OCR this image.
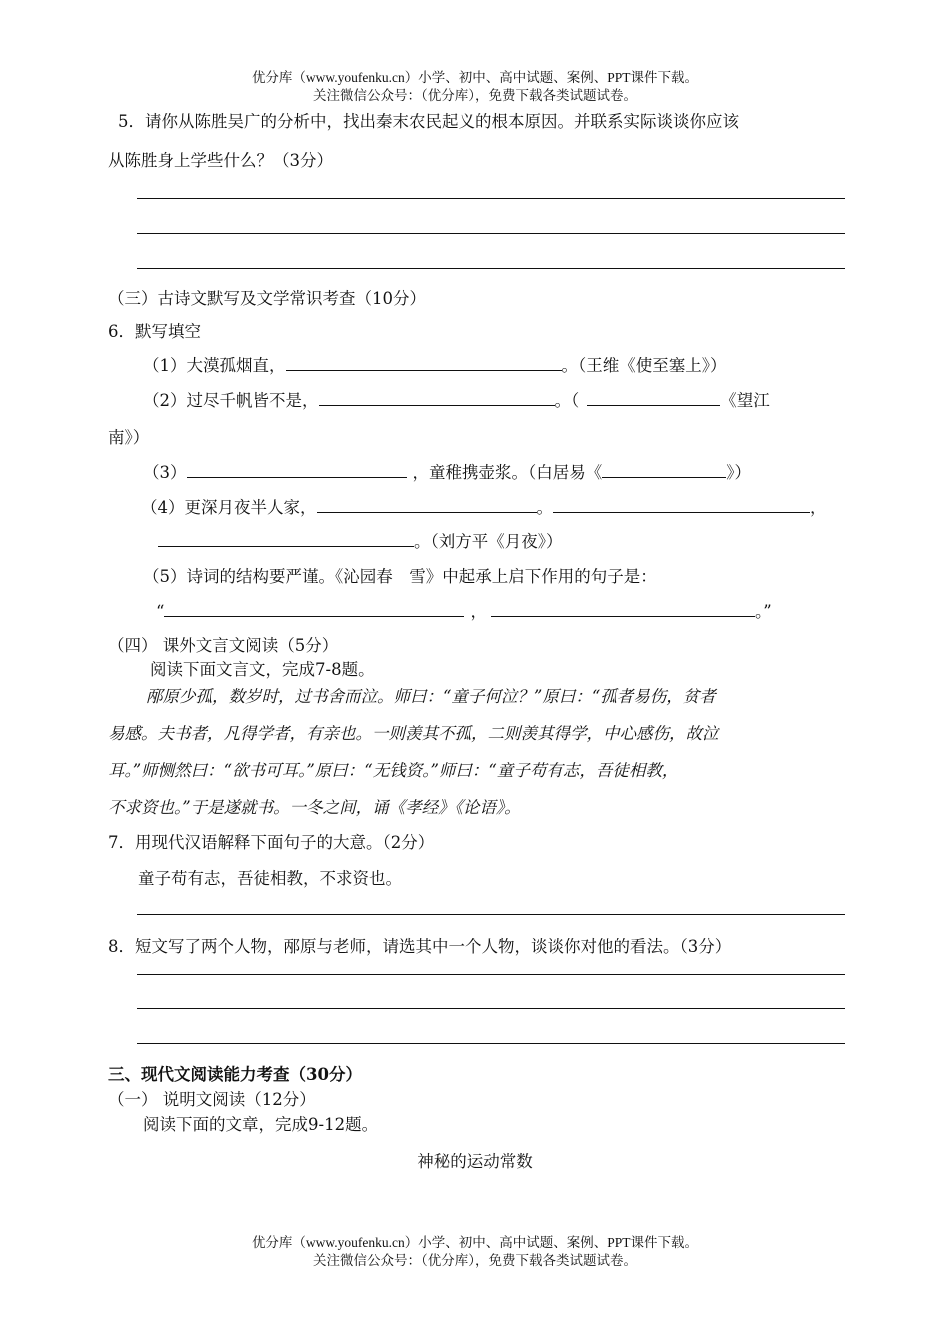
优分库（www.youfenku.cn）小学、初中、高中试题、案例、PPT课件下载。
关注微信公众号：（优分库），免费下载各类试题试卷。
5．请你从陈胜吴广的分析中，找出秦末农民起义的根本原因。并联系实际谈谈你应该
从陈胜身上学些什么？（3分）
（三）古诗文默写及文学常识考查（10分）
6．默写填空
（1）大漠孤烟直，	。（王维《使至塞上》）
（2）过尽千帆皆不是，	。（	《望江
南》）
（3）	，童稚携壶浆。（白居易《	》）
（4）更深月夜半人家，	。	，
。（刘方平《月夜》）
（5）诗词的结构要严谨。《沁园春　雪》中起承上启下作用的句子是：
“	，	。”
（四） 课外文言文阅读（5分）
阅读下面文言文，完成7-8题。
邴原少孤，数岁时，过书舍而泣。师曰：“童子何泣？”原曰：“孤者易伤，贫者
易感。夫书者，凡得学者，有亲也。一则羡其不孤，二则羡其得学，中心感伤，故泣
耳。”师恻然曰：“欲书可耳。”原曰：“无钱资。”师曰：“童子苟有志，吾徒相教，
不求资也。”于是遂就书。一冬之间，诵《孝经》《论语》。
7．用现代汉语解释下面句子的大意。（2分）
童子苟有志，吾徒相教，不求资也。
8．短文写了两个人物，邴原与老师，请选其中一个人物，谈谈你对他的看法。（3分）
三、现代文阅读能力考查（30分）
（一） 说明文阅读（12分）
阅读下面的文章，完成9-12题。
神秘的运动常数
优分库（www.youfenku.cn）小学、初中、高中试题、案例、PPT课件下载。
关注微信公众号：（优分库），免费下载各类试题试卷。
